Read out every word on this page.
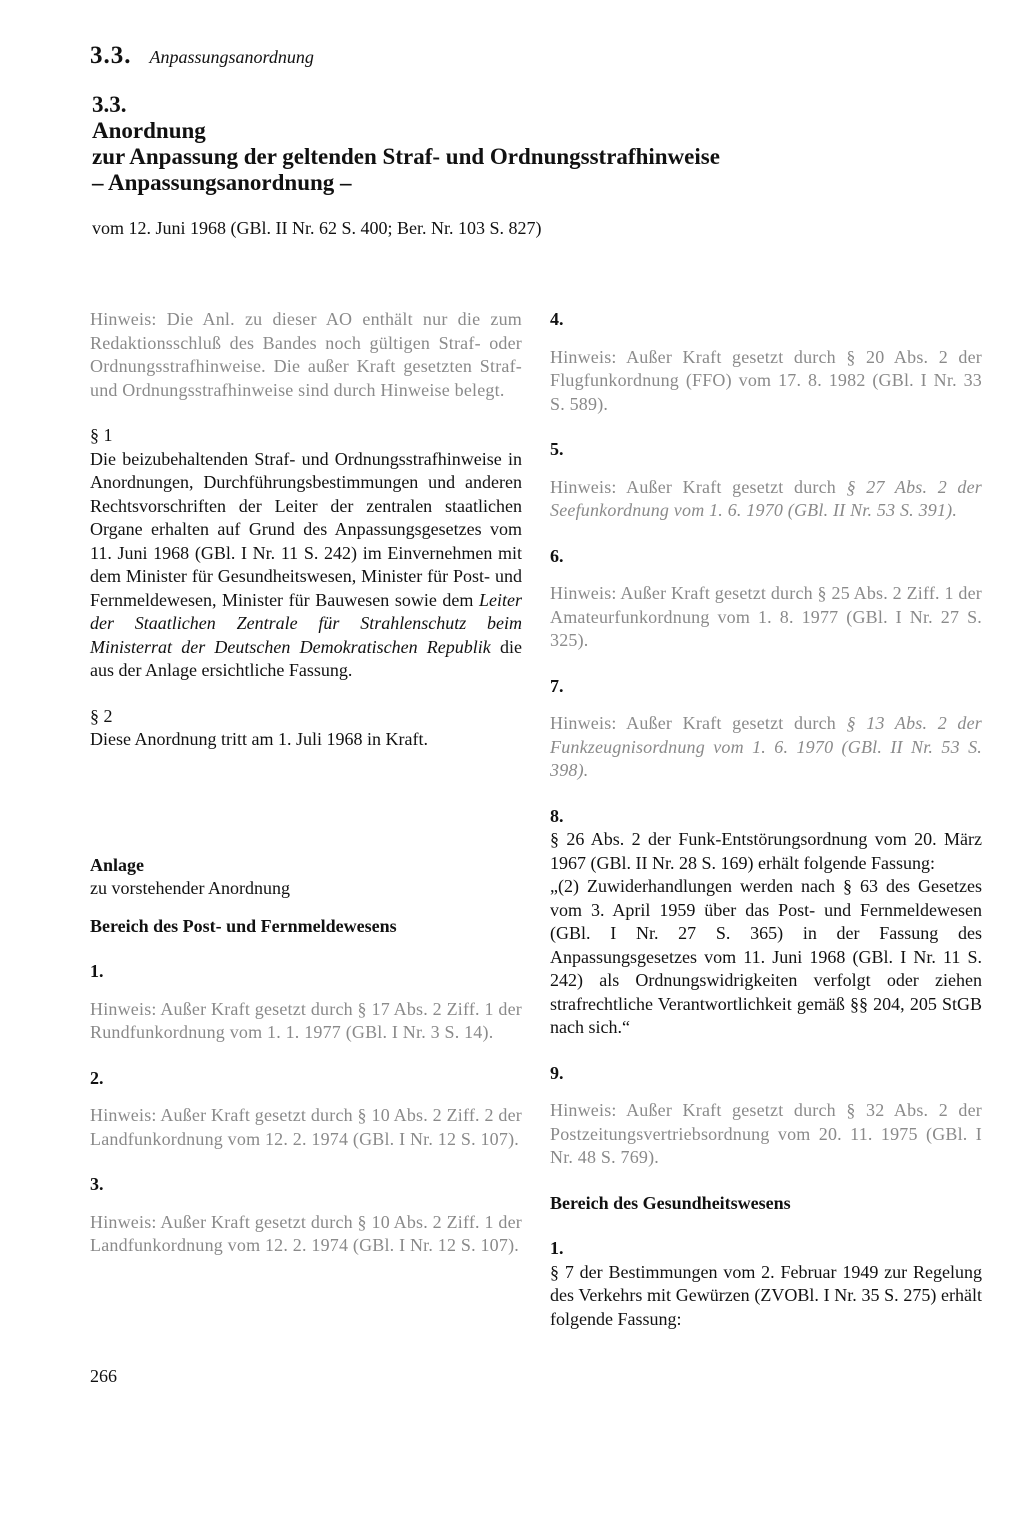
3.3. Anpassungsanordnung
3.3.
Anordnung
zur Anpassung der geltenden Straf- und Ordnungsstrafhinweise
– Anpassungsanordnung –
vom 12. Juni 1968 (GBl. II Nr. 62 S. 400; Ber. Nr. 103 S. 827)

Hinweis: Die Anl. zu dieser AO enthält nur die zum Redaktionsschluß des Bandes noch gültigen Straf- oder Ordnungsstrafhinweise. Die außer Kraft gesetzten Straf- und Ordnungsstrafhinweise sind durch Hinweise belegt.

§ 1

Die beizubehaltenden Straf- und Ordnungsstrafhinweise in Anordnungen, Durchführungsbestimmungen und anderen Rechtsvorschriften der Leiter der zentralen staatlichen Organe erhalten auf Grund des Anpassungsgesetzes vom 11. Juni 1968 (GBl. I Nr. 11 S. 242) im Einvernehmen mit dem Minister für Gesundheitswesen, Minister für Post- und Fernmeldewesen, Minister für Bauwesen sowie dem Leiter der Staatlichen Zentrale für Strahlenschutz beim Ministerrat der Deutschen Demokratischen Republik die aus der Anlage ersichtliche Fassung.

§ 2

Diese Anordnung tritt am 1. Juli 1968 in Kraft.

Anlage

zu vorstehender Anordnung

Bereich des Post- und Fernmeldewesens

1.

Hinweis: Außer Kraft gesetzt durch § 17 Abs. 2 Ziff. 1 der Rundfunkordnung vom 1. 1. 1977 (GBl. I Nr. 3 S. 14).

2.

Hinweis: Außer Kraft gesetzt durch § 10 Abs. 2 Ziff. 2 der Landfunkordnung vom 12. 2. 1974 (GBl. I Nr. 12 S. 107).

3.

Hinweis: Außer Kraft gesetzt durch § 10 Abs. 2 Ziff. 1 der Landfunkordnung vom 12. 2. 1974 (GBl. I Nr. 12 S. 107).

4.

Hinweis: Außer Kraft gesetzt durch § 20 Abs. 2 der Flugfunkordnung (FFO) vom 17. 8. 1982 (GBl. I Nr. 33 S. 589).

5.

Hinweis: Außer Kraft gesetzt durch § 27 Abs. 2 der Seefunkordnung vom 1. 6. 1970 (GBl. II Nr. 53 S. 391).

6.

Hinweis: Außer Kraft gesetzt durch § 25 Abs. 2 Ziff. 1 der Amateurfunkordnung vom 1. 8. 1977 (GBl. I Nr. 27 S. 325).

7.

Hinweis: Außer Kraft gesetzt durch § 13 Abs. 2 der Funkzeugnisordnung vom 1. 6. 1970 (GBl. II Nr. 53 S. 398).

8.

§ 26 Abs. 2 der Funk-Entstörungsordnung vom 20. März 1967 (GBl. II Nr. 28 S. 169) erhält folgende Fassung:

„(2) Zuwiderhandlungen werden nach § 63 des Gesetzes vom 3. April 1959 über das Post- und Fernmeldewesen (GBl. I Nr. 27 S. 365) in der Fassung des Anpassungsgesetzes vom 11. Juni 1968 (GBl. I Nr. 11 S. 242) als Ordnungswidrigkeiten verfolgt oder ziehen strafrechtliche Verantwortlichkeit gemäß §§ 204, 205 StGB nach sich.“

9.

Hinweis: Außer Kraft gesetzt durch § 32 Abs. 2 der Postzeitungsvertriebsordnung vom 20. 11. 1975 (GBl. I Nr. 48 S. 769).

Bereich des Gesundheitswesens

1.

§ 7 der Bestimmungen vom 2. Februar 1949 zur Regelung des Verkehrs mit Gewürzen (ZVOBl. I Nr. 35 S. 275) erhält folgende Fassung:

266
